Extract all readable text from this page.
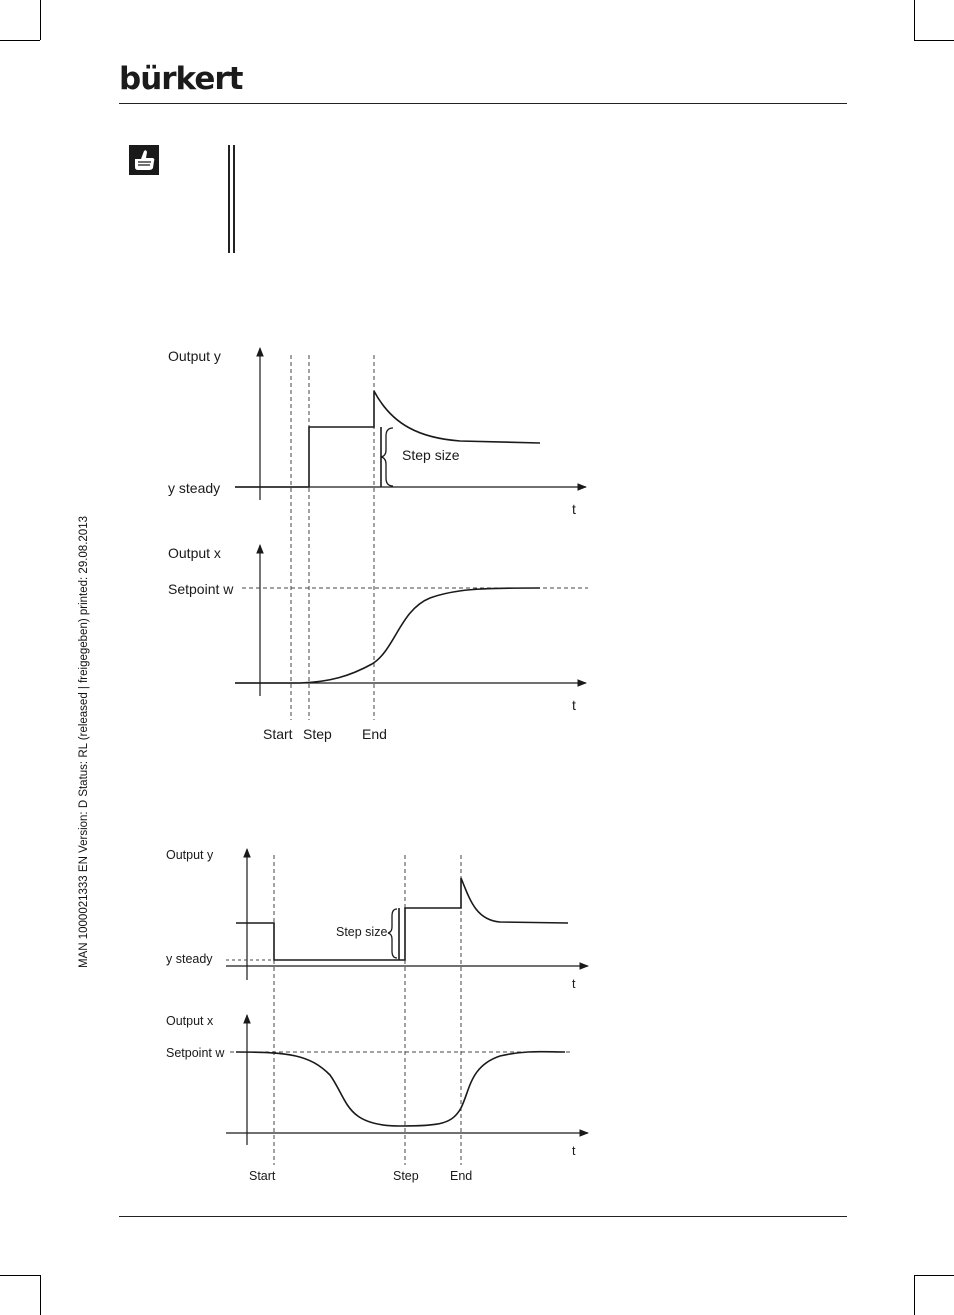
bürkert
MAN 1000021333 EN Version: D Status: RL (released | freigegeben) printed: 29.08.2013
Output y
y steady
Step size
t
Output x
Setpoint w
t
Start Step End
Output y
y steady
Step size
t
Output x
Setpoint w
t
Start	Step	End
